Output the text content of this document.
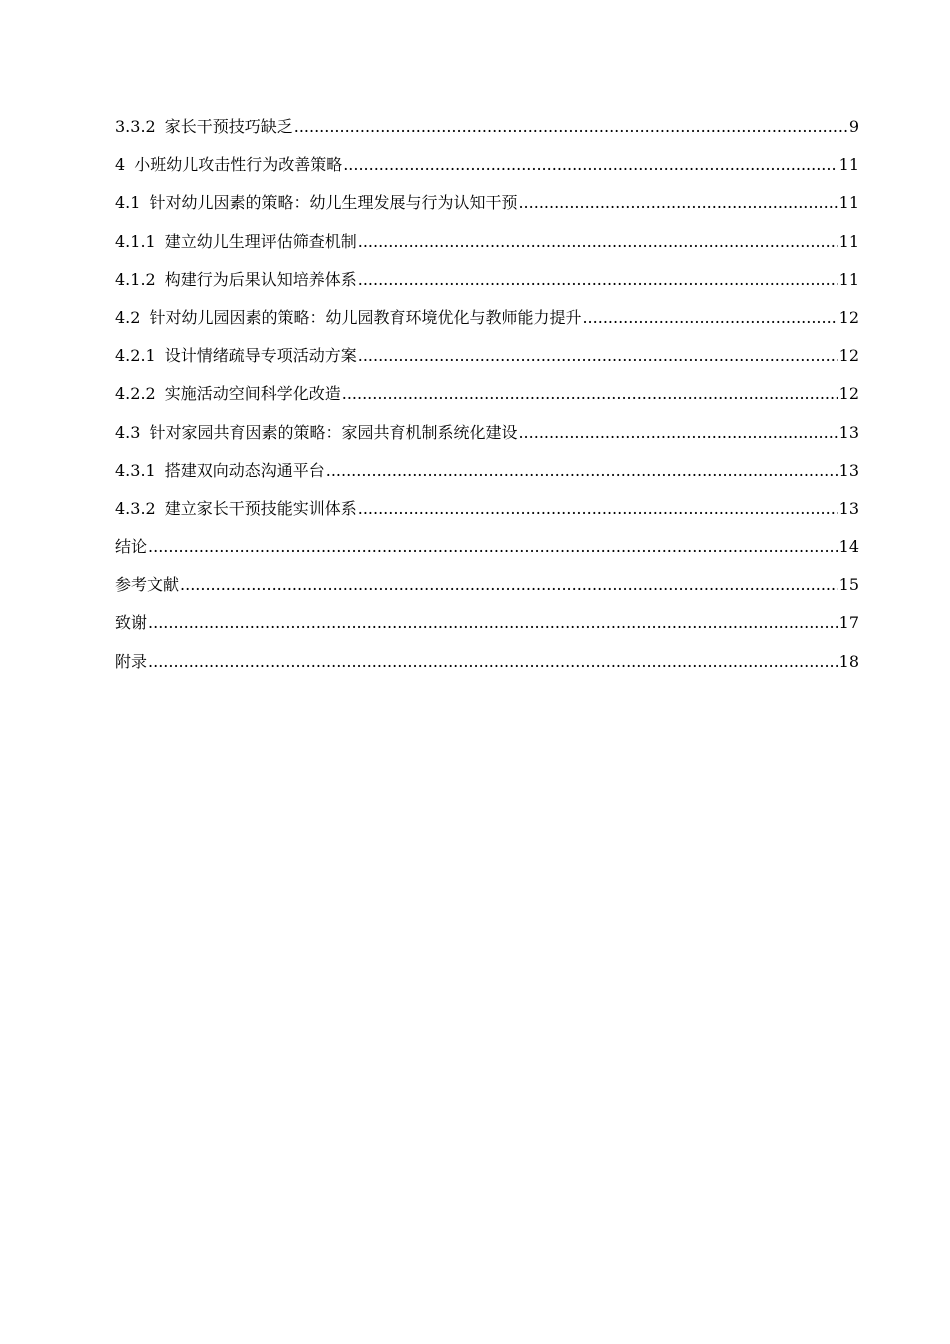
3.3.2 家长干预技巧缺乏 .....	9
4 小班幼儿攻击性行为改善策略 .....	11
4.1 针对幼儿因素的策略：幼儿生理发展与行为认知干预 .....	11
4.1.1 建立幼儿生理评估筛查机制 .....	11
4.1.2 构建行为后果认知培养体系 .....	11
4.2 针对幼儿园因素的策略：幼儿园教育环境优化与教师能力提升 .....	12
4.2.1 设计情绪疏导专项活动方案 .....	12
4.2.2 实施活动空间科学化改造 .....	12
4.3 针对家园共育因素的策略：家园共育机制系统化建设 .....	13
4.3.1 搭建双向动态沟通平台 .....	13
4.3.2 建立家长干预技能实训体系 .....	13
结论 .....	14
参考文献 .....	15
致谢 .....	17
附录 .....	18
